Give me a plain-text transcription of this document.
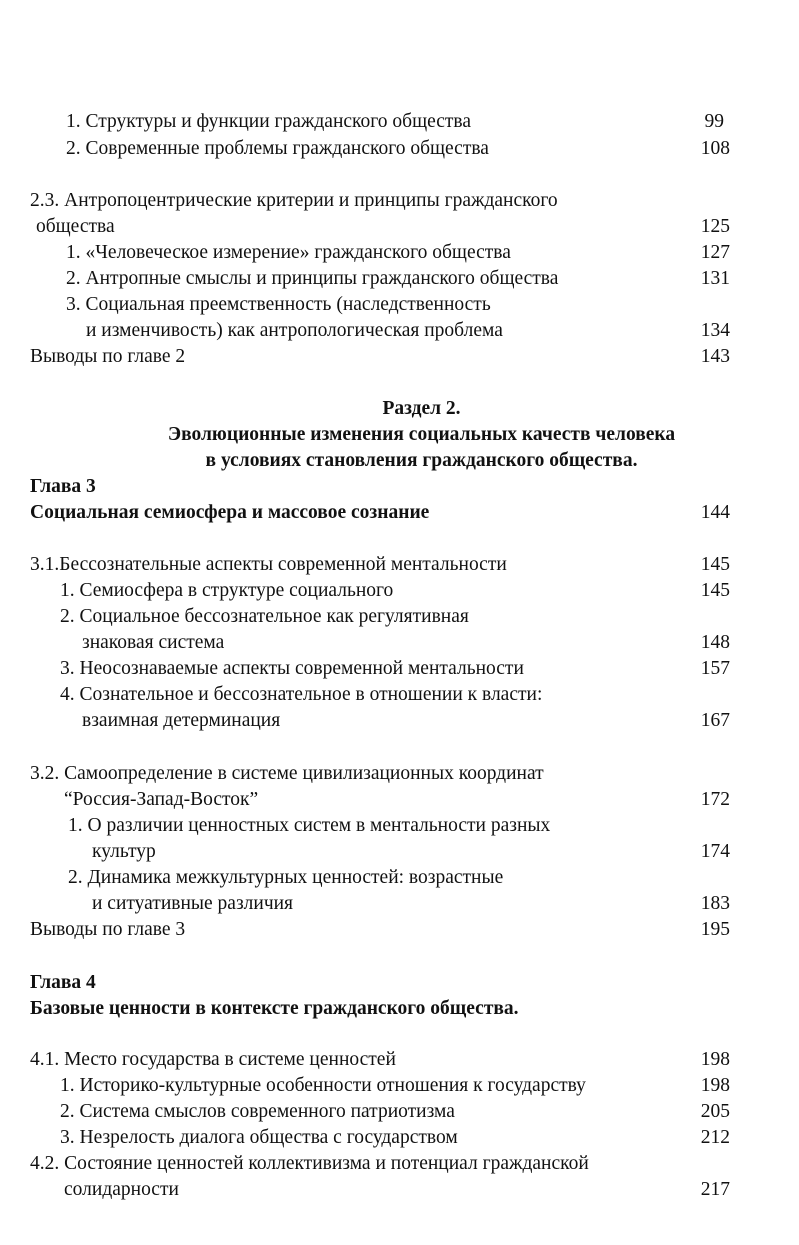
1. Структуры и функции гражданского общества	99
2. Современные проблемы гражданского общества	108
2.3. Антропоцентрические критерии и принципы гражданского
общества	125
1. «Человеческое измерение» гражданского общества	127
2. Антропные смыслы и принципы гражданского общества	131
3. Социальная преемственность (наследственность
и изменчивость) как антропологическая проблема	134
Выводы по главе 2	143
Раздел 2.
Эволюционные изменения социальных качеств человека
в условиях становления гражданского общества.
Глава 3
Социальная семиосфера и массовое сознание	144
3.1.Бессознательные аспекты современной ментальности	145
1. Семиосфера в структуре социального	145
2. Социальное бессознательное как регулятивная
знаковая система	148
3. Неосознаваемые аспекты современной ментальности	157
4. Сознательное и бессознательное в отношении к власти:
взаимная детерминация	167
3.2. Самоопределение в системе цивилизационных координат
“Россия-Запад-Восток”	172
1. О различии ценностных систем в ментальности разных
культур	174
2. Динамика межкультурных ценностей: возрастные
и ситуативные различия	183
Выводы по главе 3	195
Глава 4
Базовые ценности в контексте гражданского общества.
4.1. Место государства в системе ценностей	198
1. Историко-культурные особенности отношения к государству	198
2. Система смыслов современного патриотизма	205
3. Незрелость диалога общества с государством	212
4.2. Состояние ценностей коллективизма и потенциал гражданской
солидарности	217
